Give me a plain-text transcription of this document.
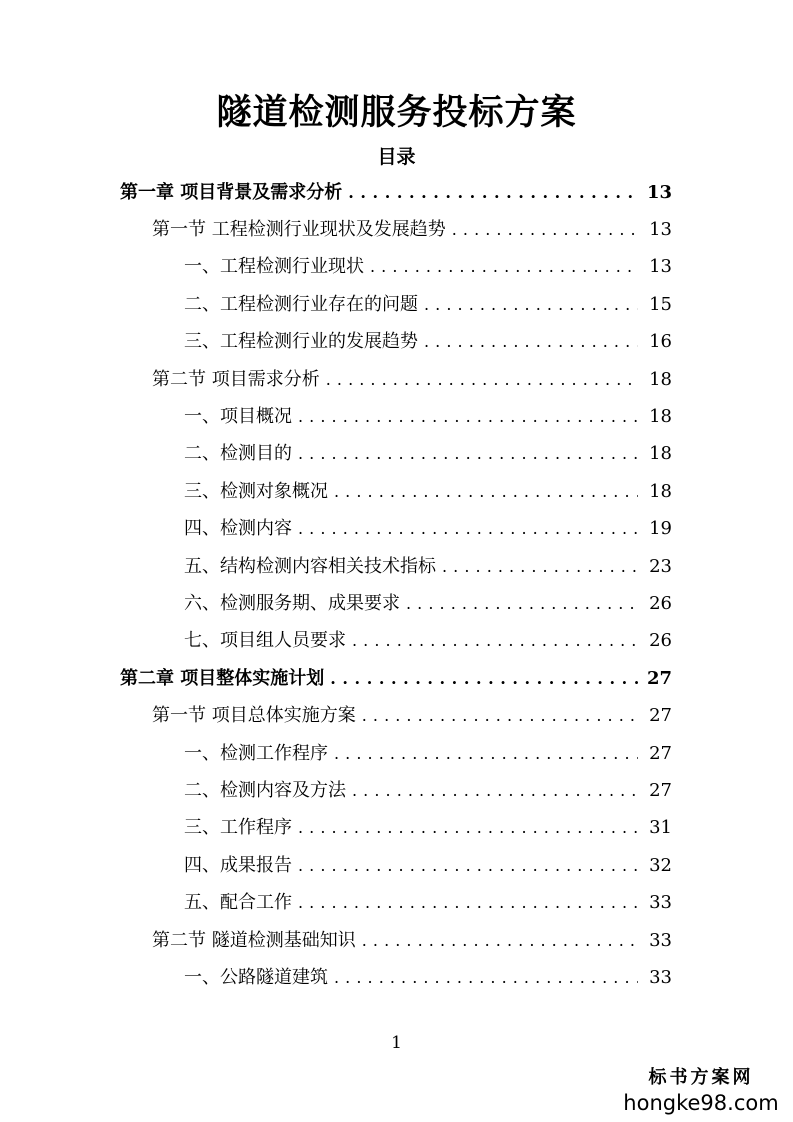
隧道检测服务投标方案
目录
第一章 项目背景及需求分析 . . .	13
第一节 工程检测行业现状及发展趋势 . . .	13
一、工程检测行业现状 . . .	13
二、工程检测行业存在的问题 . . .	15
三、工程检测行业的发展趋势 . . .	16
第二节 项目需求分析 . . .	18
一、项目概况 . . .	18
二、检测目的 . . .	18
三、检测对象概况 . . .	18
四、检测内容 . . .	19
五、结构检测内容相关技术指标 . . .	23
六、检测服务期、成果要求 . . .	26
七、项目组人员要求 . . .	26
第二章 项目整体实施计划 . . .	27
第一节 项目总体实施方案 . . .	27
一、检测工作程序 . . .	27
二、检测内容及方法 . . .	27
三、工作程序 . . .	31
四、成果报告 . . .	32
五、配合工作 . . .	33
第二节 隧道检测基础知识 . . .	33
一、公路隧道建筑 . . .	33
1
标书方案网
hongke98.com
